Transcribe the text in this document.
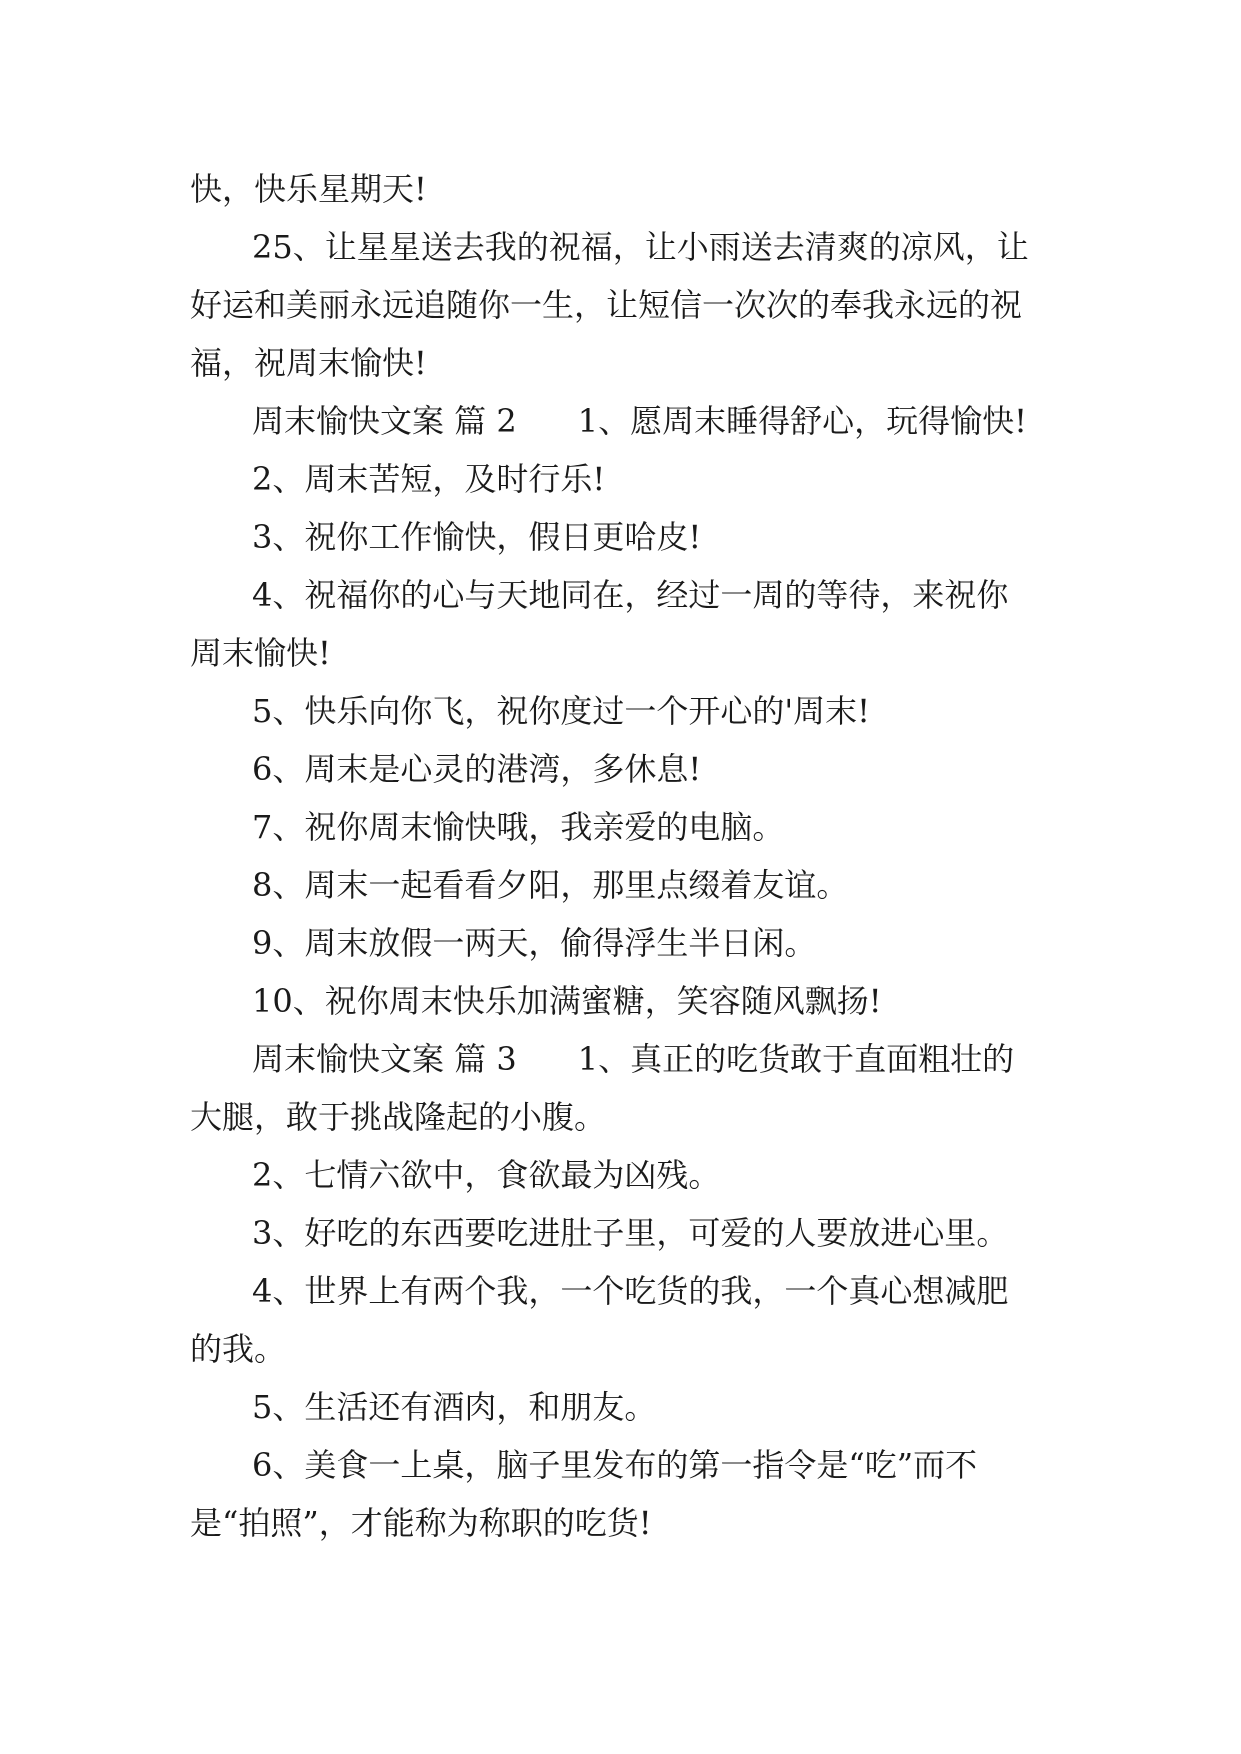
快，快乐星期天!

25、让星星送去我的祝福，让小雨送去清爽的凉风，让

好运和美丽永远追随你一生，让短信一次次的奉我永远的祝

福，祝周末愉快!

周末愉快文案 篇 2      1、愿周末睡得舒心，玩得愉快!

2、周末苦短，及时行乐!

3、祝你工作愉快，假日更哈皮!

4、祝福你的心与天地同在，经过一周的等待，来祝你

周末愉快!

5、快乐向你飞，祝你度过一个开心的'周末!

6、周末是心灵的港湾，多休息!

7、祝你周末愉快哦，我亲爱的电脑。

8、周末一起看看夕阳，那里点缀着友谊。

9、周末放假一两天，偷得浮生半日闲。

10、祝你周末快乐加满蜜糖，笑容随风飘扬!

周末愉快文案 篇 3      1、真正的吃货敢于直面粗壮的

大腿，敢于挑战隆起的小腹。

2、七情六欲中，食欲最为凶残。

3、好吃的东西要吃进肚子里，可爱的人要放进心里。

4、世界上有两个我，一个吃货的我，一个真心想减肥

的我。

5、生活还有酒肉，和朋友。

6、美食一上桌，脑子里发布的第一指令是“吃”而不

是“拍照”，才能称为称职的吃货!
